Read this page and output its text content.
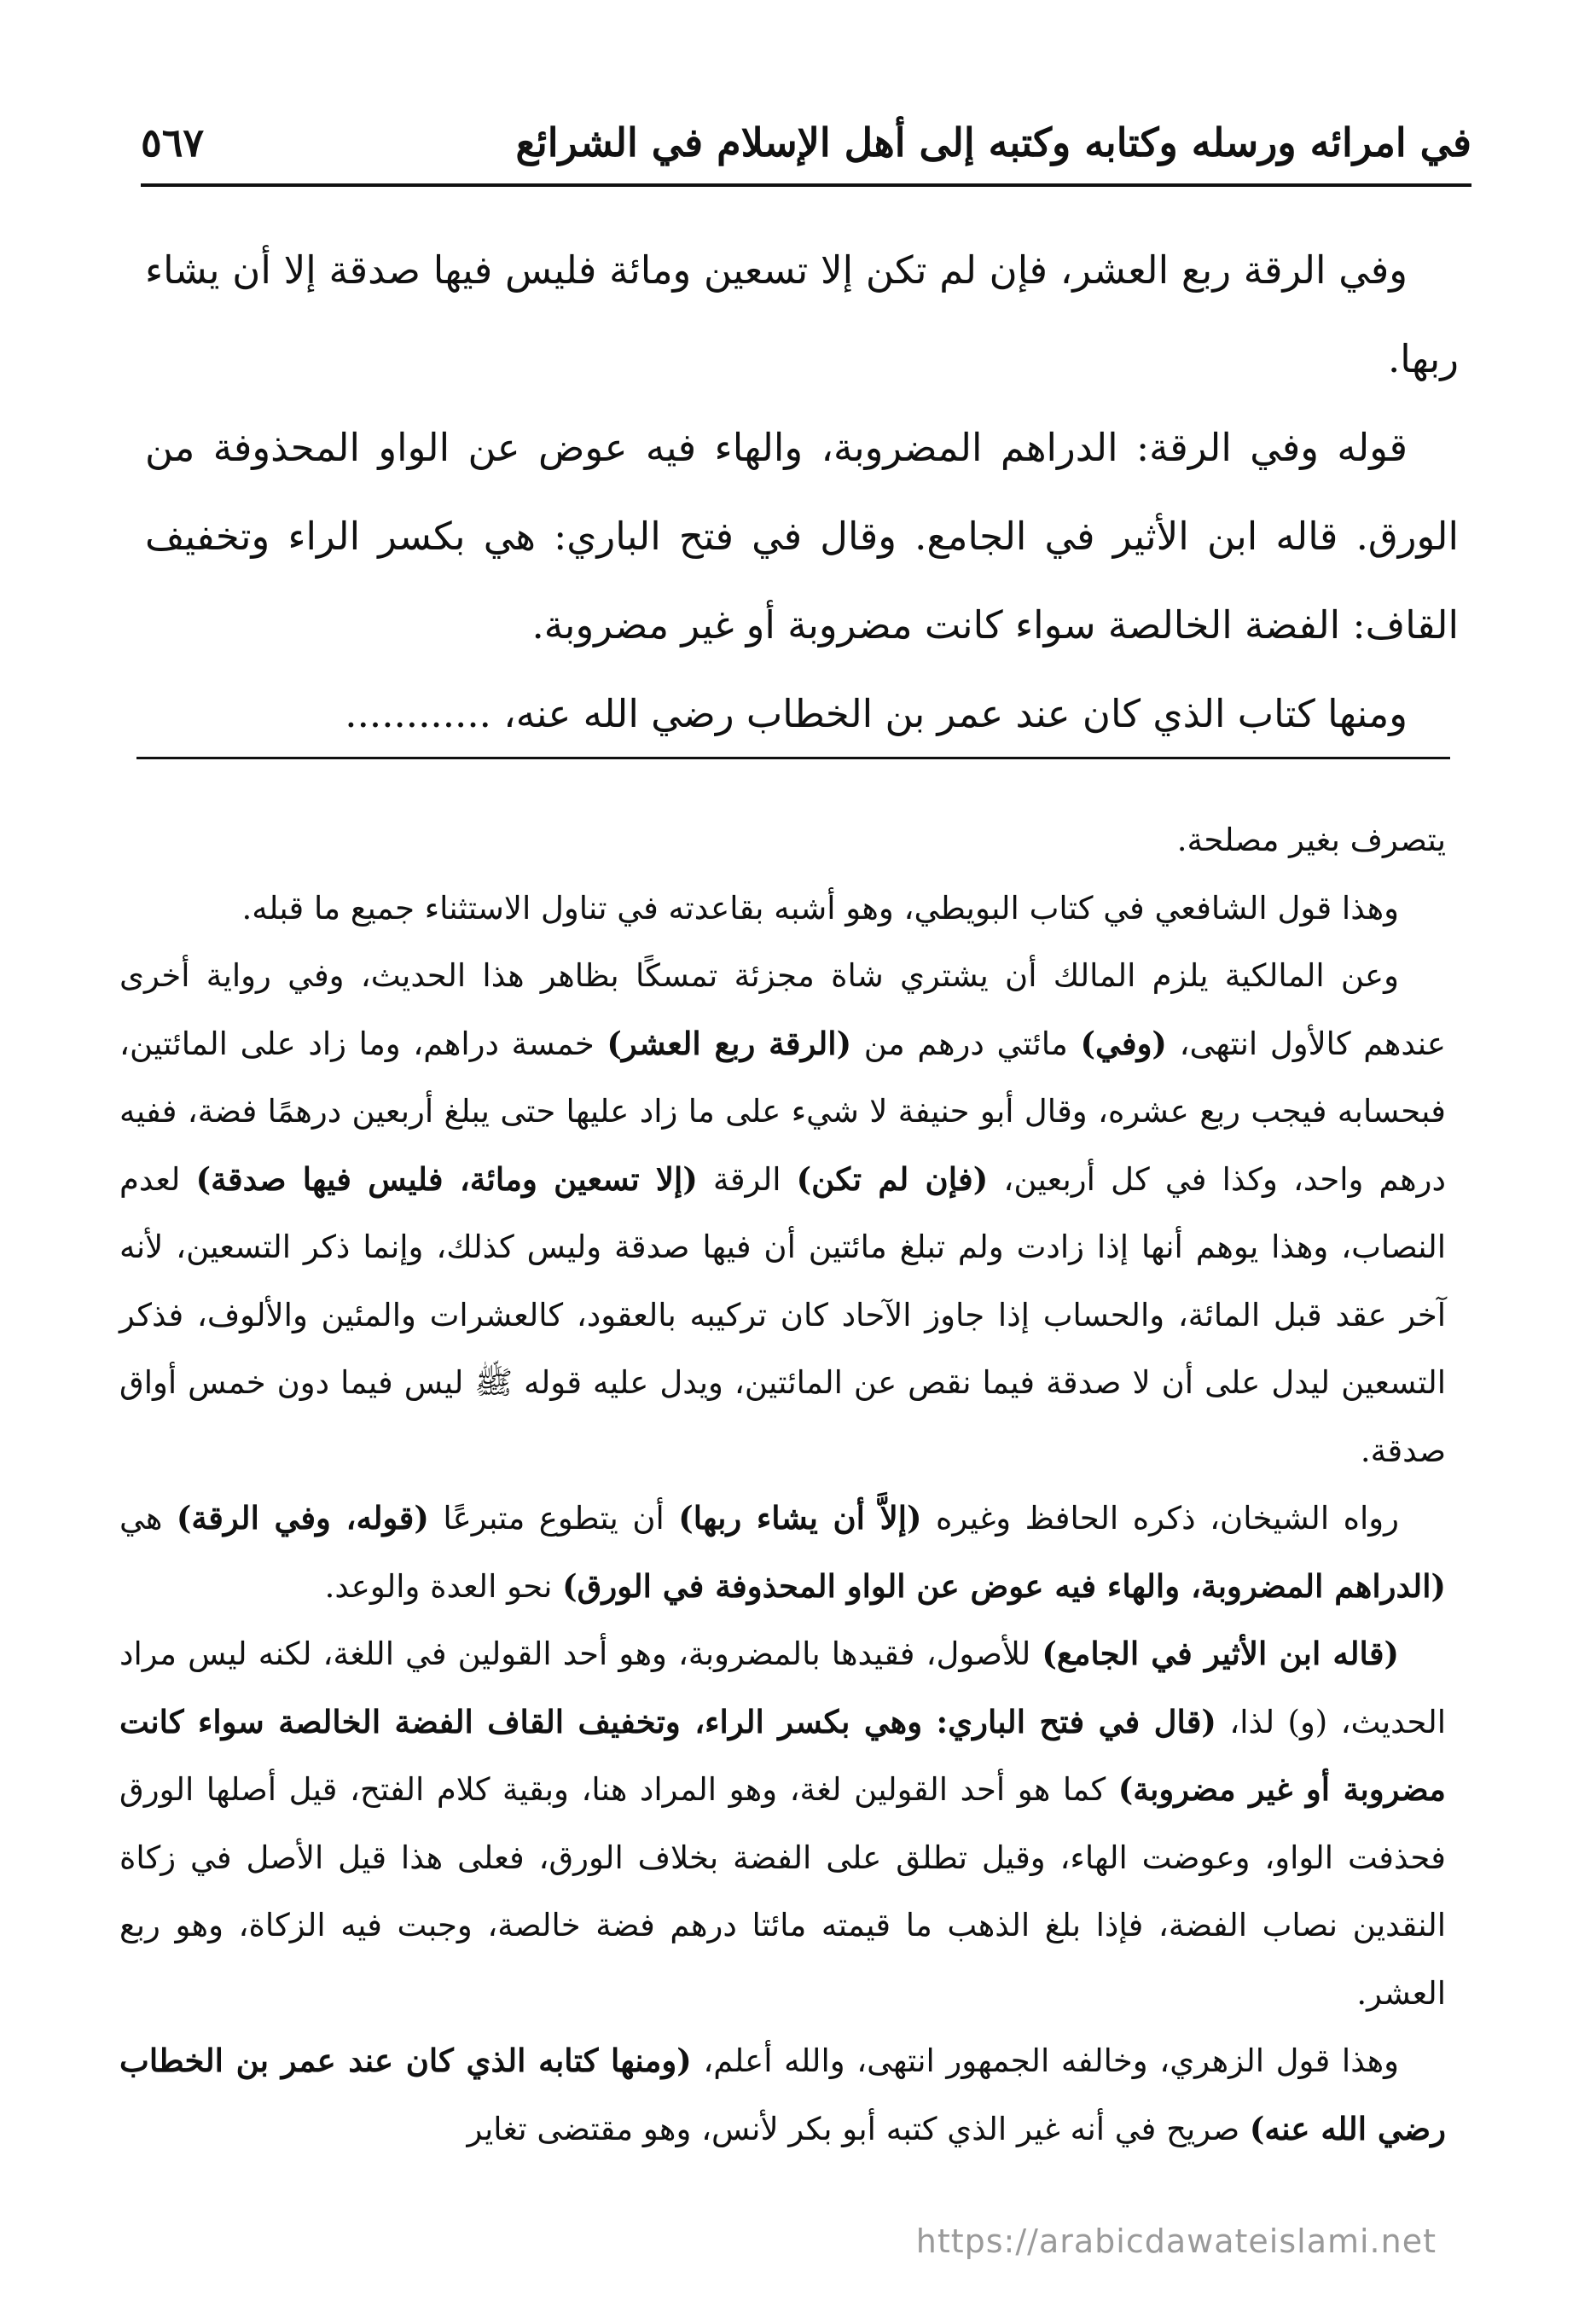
في امرائه ورسله وكتابه وكتبه إلى أهل الإسلام في الشرائع
٥٦٧

وفي الرقة ربع العشر، فإن لم تكن إلا تسعين ومائة فليس فيها صدقة إلا أن يشاء ربها.

قوله وفي الرقة: الدراهم المضروبة، والهاء فيه عوض عن الواو المحذوفة من الورق. قاله ابن الأثير في الجامع. وقال في فتح الباري: هي بكسر الراء وتخفيف القاف: الفضة الخالصة سواء كانت مضروبة أو غير مضروبة.

ومنها كتاب الذي كان عند عمر بن الخطاب رضي الله عنه، ............

يتصرف بغير مصلحة.

وهذا قول الشافعي في كتاب البويطي، وهو أشبه بقاعدته في تناول الاستثناء جميع ما قبله.

وعن المالكية يلزم المالك أن يشتري شاة مجزئة تمسكًا بظاهر هذا الحديث، وفي رواية أخرى عندهم كالأول انتهى، (وفي) مائتي درهم من (الرقة ربع العشر) خمسة دراهم، وما زاد على المائتين، فبحسابه فيجب ربع عشره، وقال أبو حنيفة لا شيء على ما زاد عليها حتى يبلغ أربعين درهمًا فضة، ففيه درهم واحد، وكذا في كل أربعين، (فإن لم تكن) الرقة (إلا تسعين ومائة، فليس فيها صدقة) لعدم النصاب، وهذا يوهم أنها إذا زادت ولم تبلغ مائتين أن فيها صدقة وليس كذلك، وإنما ذكر التسعين، لأنه آخر عقد قبل المائة، والحساب إذا جاوز الآحاد كان تركيبه بالعقود، كالعشرات والمئين والألوف، فذكر التسعين ليدل على أن لا صدقة فيما نقص عن المائتين، ويدل عليه قوله ﷺ ليس فيما دون خمس أواق صدقة.

رواه الشيخان، ذكره الحافظ وغيره (إلاَّ أن يشاء ربها) أن يتطوع متبرعًا (قوله، وفي الرقة) هي (الدراهم المضروبة، والهاء فيه عوض عن الواو المحذوفة في الورق) نحو العدة والوعد.

(قاله ابن الأثير في الجامع) للأصول، فقيدها بالمضروبة، وهو أحد القولين في اللغة، لكنه ليس مراد الحديث، (و) لذا، (قال في فتح الباري: وهي بكسر الراء، وتخفيف القاف الفضة الخالصة سواء كانت مضروبة أو غير مضروبة) كما هو أحد القولين لغة، وهو المراد هنا، وبقية كلام الفتح، قيل أصلها الورق فحذفت الواو، وعوضت الهاء، وقيل تطلق على الفضة بخلاف الورق، فعلى هذا قيل الأصل في زكاة النقدين نصاب الفضة، فإذا بلغ الذهب ما قيمته مائتا درهم فضة خالصة، وجبت فيه الزكاة، وهو ربع العشر.

وهذا قول الزهري، وخالفه الجمهور انتهى، والله أعلم، (ومنها كتابه الذي كان عند عمر بن الخطاب رضي الله عنه) صريح في أنه غير الذي كتبه أبو بكر لأنس، وهو مقتضى تغاير

https://arabicdawateislami.net
